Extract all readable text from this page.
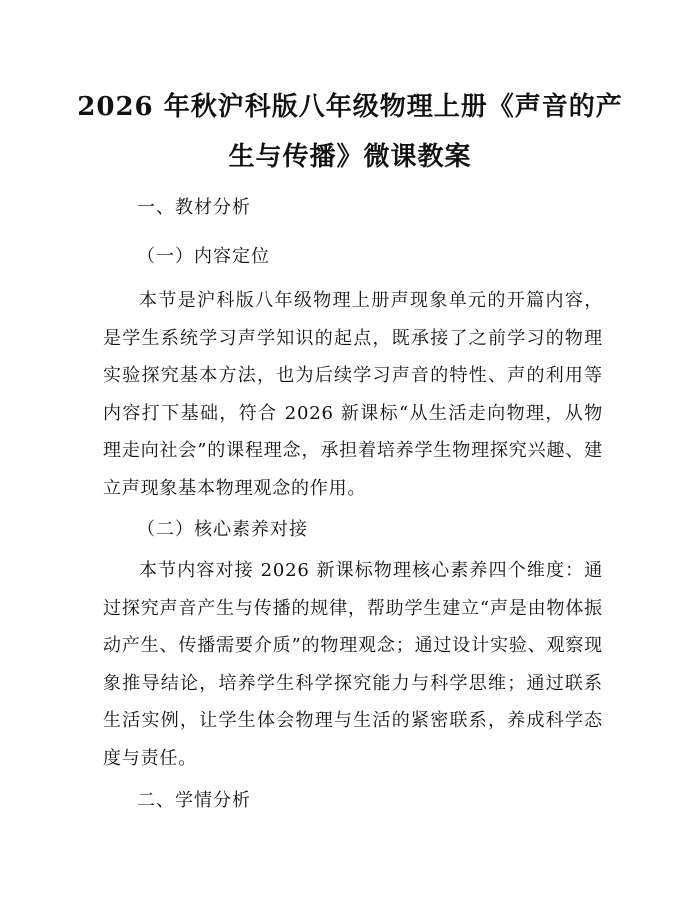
2026 年秋沪科版八年级物理上册《声音的产
生与传播》微课教案
一、教材分析
（一）内容定位

本节是沪科版八年级物理上册声现象单元的开篇内容，是学生系统学习声学知识的起点，既承接了之前学习的物理实验探究基本方法，也为后续学习声音的特性、声的利用等内容打下基础，符合 2026 新课标“从生活走向物理，从物理走向社会”的课程理念，承担着培养学生物理探究兴趣、建立声现象基本物理观念的作用。

（二）核心素养对接

本节内容对接 2026 新课标物理核心素养四个维度：通过探究声音产生与传播的规律，帮助学生建立“声是由物体振动产生、传播需要介质”的物理观念；通过设计实验、观察现象推导结论，培养学生科学探究能力与科学思维；通过联系生活实例，让学生体会物理与生活的紧密联系，养成科学态度与责任。

二、学情分析
